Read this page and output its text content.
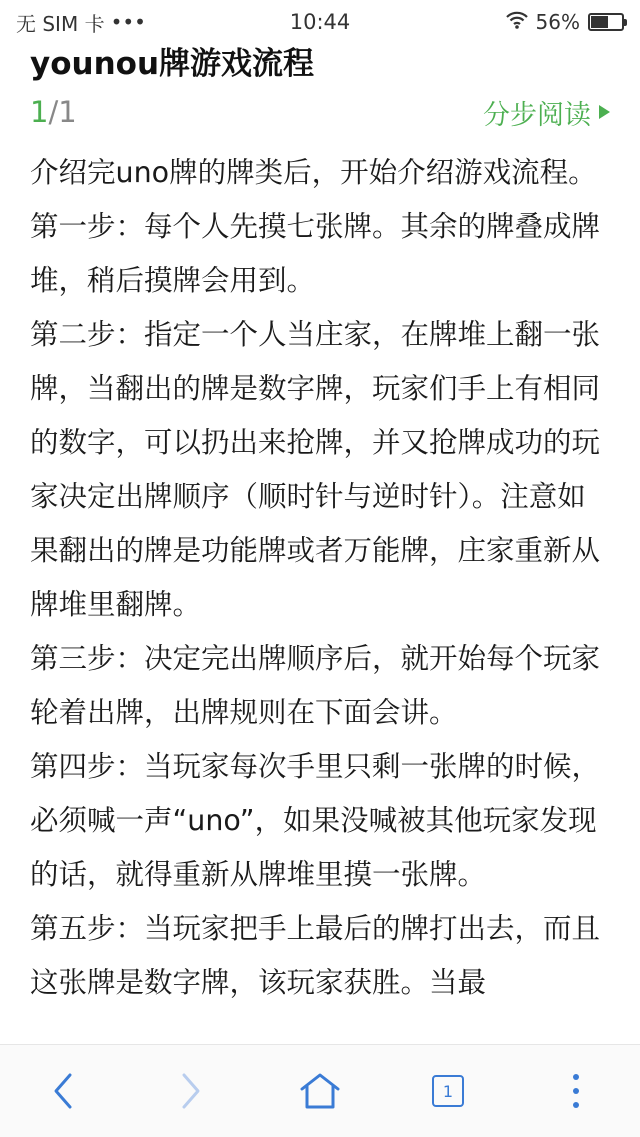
无 SIM 卡 •••	10:44	56%
younou牌游戏流程
1/1	分步阅读

介绍完uno牌的牌类后，开始介绍游戏流程。

第一步：每个人先摸七张牌。其余的牌叠成牌堆，稍后摸牌会用到。

第二步：指定一个人当庄家，在牌堆上翻一张牌，当翻出的牌是数字牌，玩家们手上有相同的数字，可以扔出来抢牌，并又抢牌成功的玩家决定出牌顺序（顺时针与逆时针）。注意如果翻出的牌是功能牌或者万能牌，庄家重新从牌堆里翻牌。

第三步：决定完出牌顺序后，就开始每个玩家轮着出牌，出牌规则在下面会讲。

第四步：当玩家每次手里只剩一张牌的时候，必须喊一声“uno”，如果没喊被其他玩家发现的话，就得重新从牌堆里摸一张牌。

第五步：当玩家把手上最后的牌打出去，而且这张牌是数字牌，该玩家获胜。当最

1
